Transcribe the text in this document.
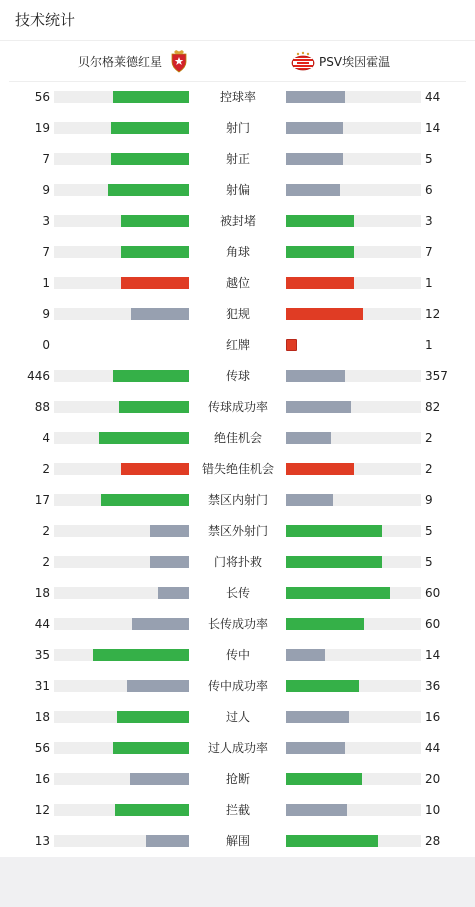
技术统计
贝尔格莱德红星	PSV埃因霍温
56	控球率	44
19	射门	14
7	射正	5
9	射偏	6
3	被封堵	3
7	角球	7
1	越位	1
9	犯规	12
0	红牌	1
446	传球	357
88	传球成功率	82
4	绝佳机会	2
2	错失绝佳机会	2
17	禁区内射门	9
2	禁区外射门	5
2	门将扑救	5
18	长传	60
44	长传成功率	60
35	传中	14
31	传中成功率	36
18	过人	16
56	过人成功率	44
16	抢断	20
12	拦截	10
13	解围	28
